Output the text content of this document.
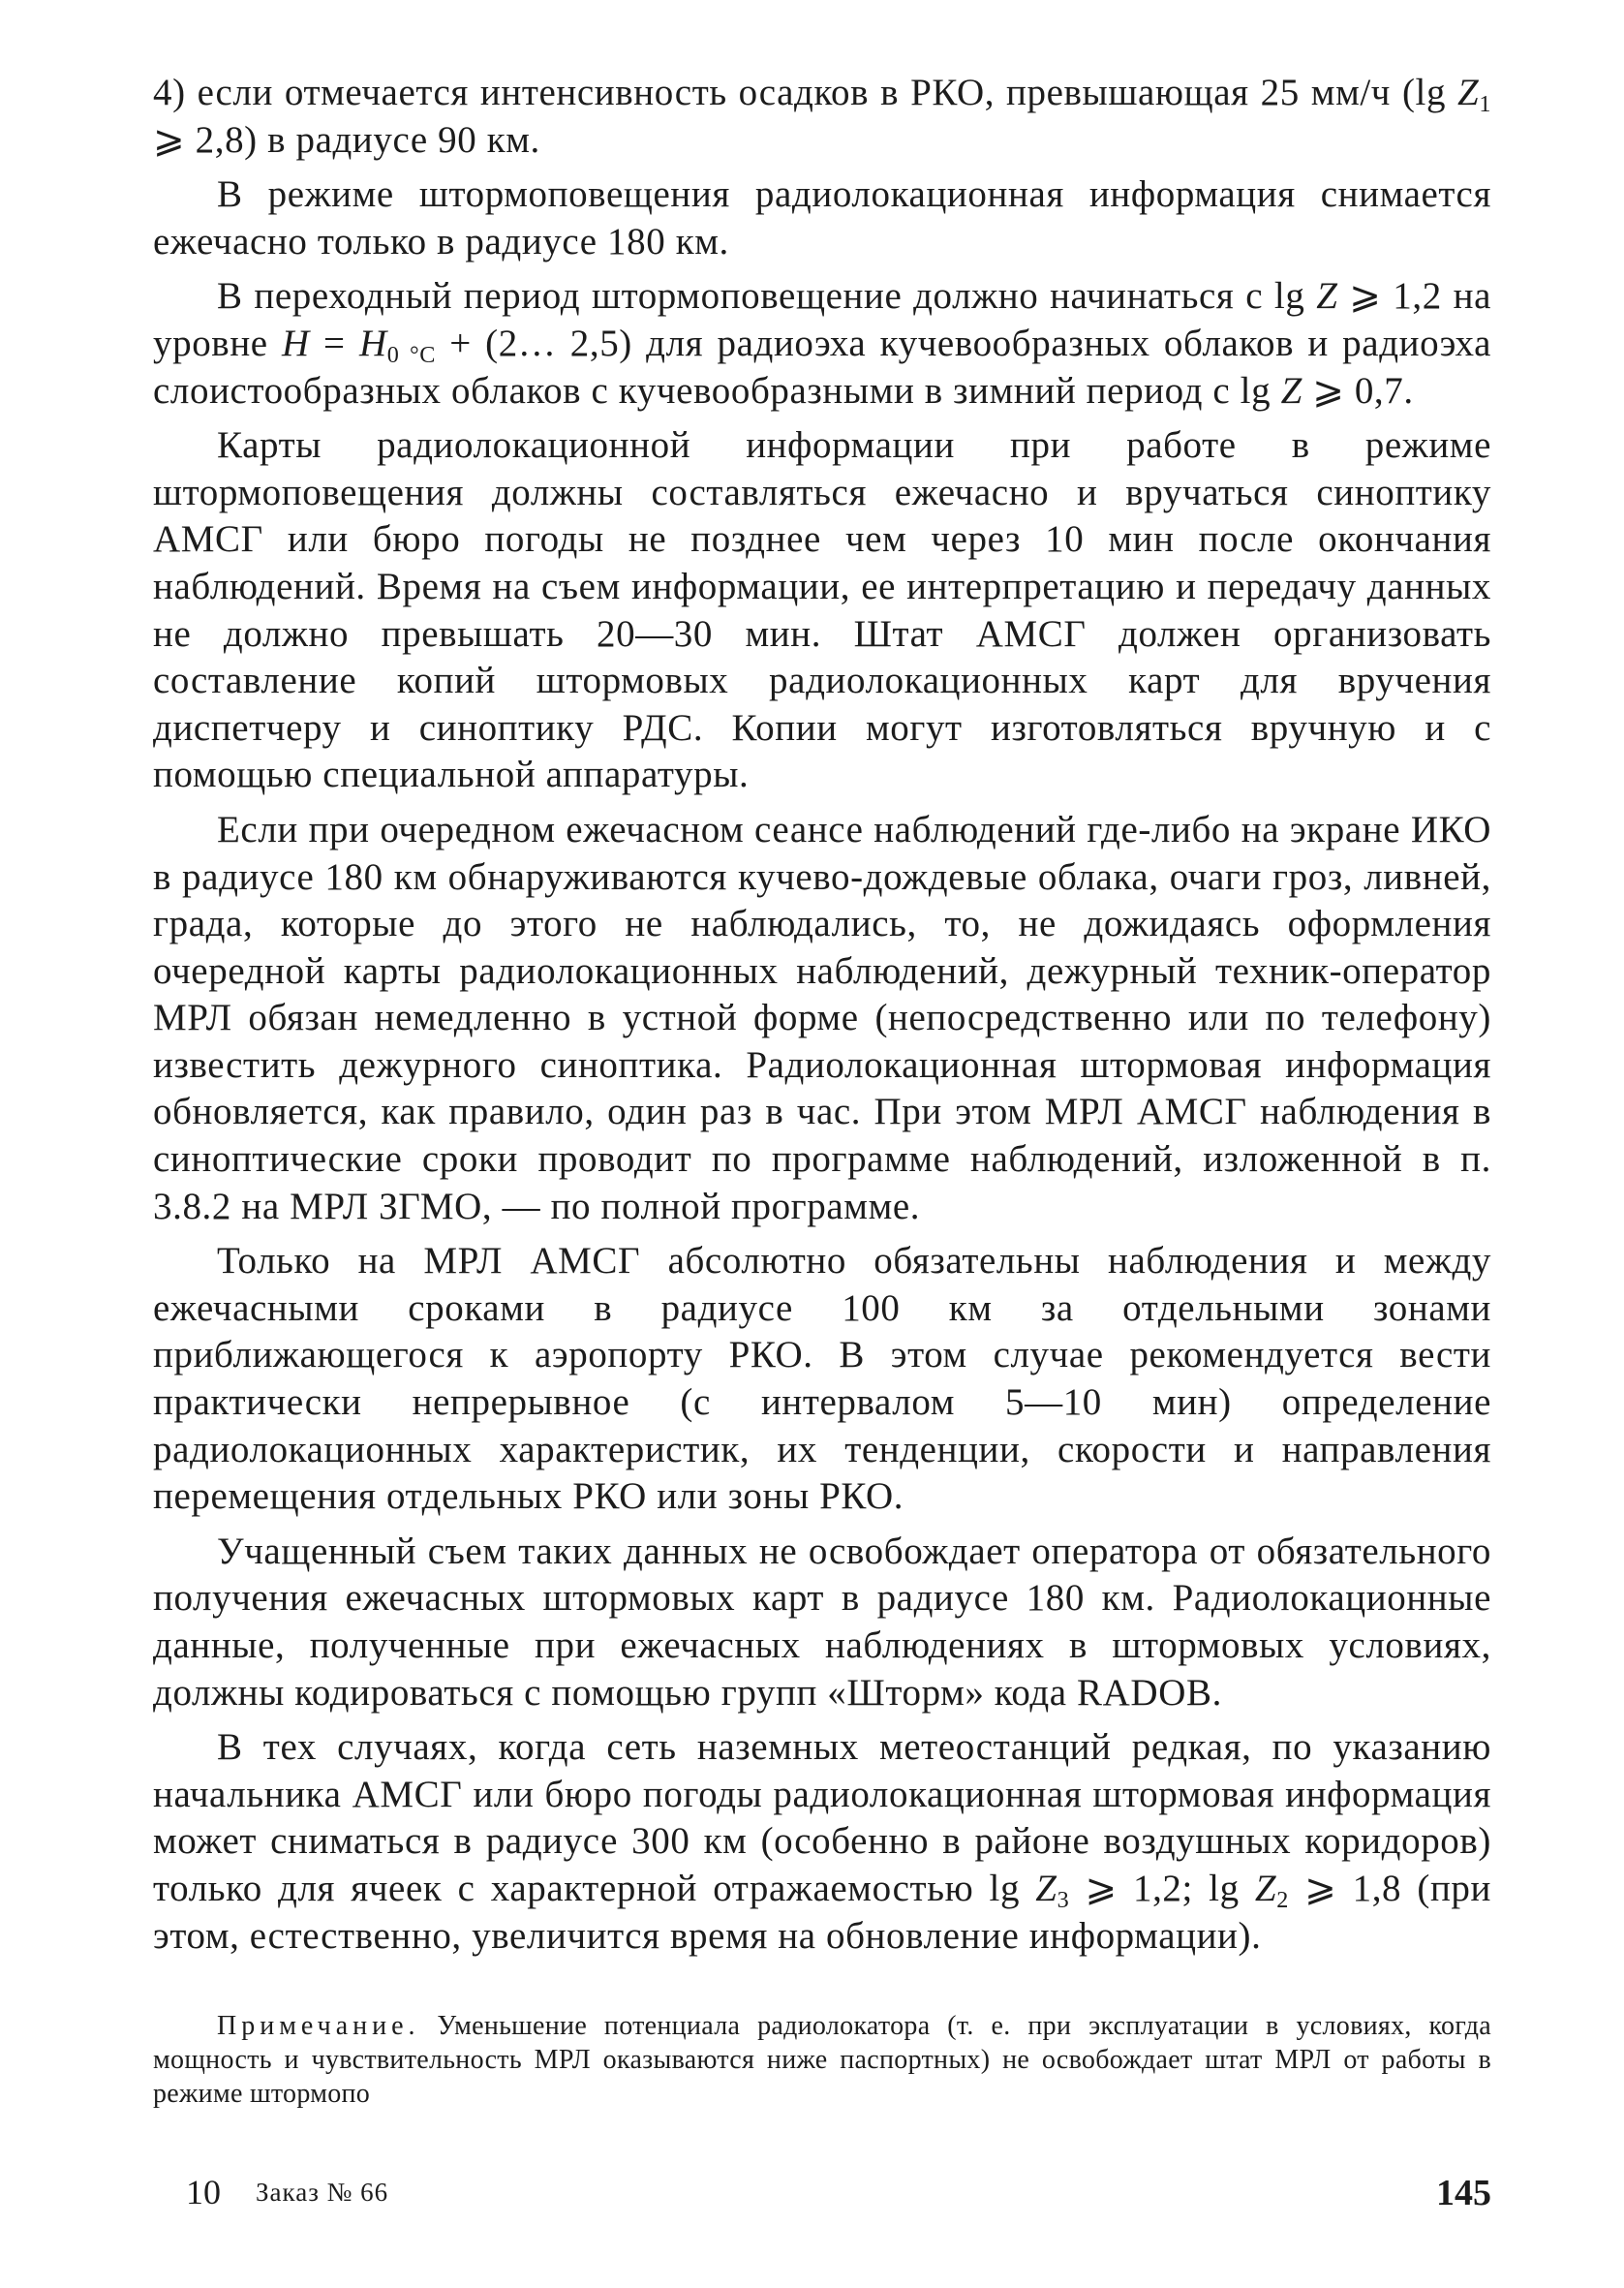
4) если отмечается интенсивность осадков в РКО, превышающая 25 мм/ч (lg $Z_1$ ⩾ 2,8) в радиусе 90 км.

В режиме штормоповещения радиолокационная информация снимается ежечасно только в радиусе 180 км.

В переходный период штормоповещение должно начинаться с lg Z ⩾ 1,2 на уровне $H = H_{0 ^\circ C}$ + (2… 2,5) для радиоэха кучевообразных облаков и радиоэха слоистообразных облаков с кучевообразными в зимний период с lg Z ⩾ 0,7.

Карты радиолокационной информации при работе в режиме штормоповещения должны составляться ежечасно и вручаться синоптику АМСГ или бюро погоды не позднее чем через 10 мин после окончания наблюдений. Время на съем информации, ее интерпретацию и передачу данных не должно превышать 20—30 мин. Штат АМСГ должен организовать составление копий штормовых радиолокационных карт для вручения диспетчеру и синоптику РДС. Копии могут изготовляться вручную и с помощью специальной аппаратуры.

Если при очередном ежечасном сеансе наблюдений где-либо на экране ИКО в радиусе 180 км обнаруживаются кучево-дождевые облака, очаги гроз, ливней, града, которые до этого не наблюдались, то, не дожидаясь оформления очередной карты радиолокационных наблюдений, дежурный техник-оператор МРЛ обязан немедленно в устной форме (непосредственно или по телефону) известить дежурного синоптика. Радиолокационная штормовая информация обновляется, как правило, один раз в час. При этом МРЛ АМСГ наблюдения в синоптические сроки проводит по программе наблюдений, изложенной в п. 3.8.2 на МРЛ ЗГМО, — по полной программе.

Только на МРЛ АМСГ абсолютно обязательны наблюдения и между ежечасными сроками в радиусе 100 км за отдельными зонами приближающегося к аэропорту РКО. В этом случае рекомендуется вести практически непрерывное (с интервалом 5—10 мин) определение радиолокационных характеристик, их тенденции, скорости и направления перемещения отдельных РКО или зоны РКО.

Учащенный съем таких данных не освобождает оператора от обязательного получения ежечасных штормовых карт в радиусе 180 км. Радиолокационные данные, полученные при ежечасных наблюдениях в штормовых условиях, должны кодироваться с помощью групп «Шторм» кода RADOB.

В тех случаях, когда сеть наземных метеостанций редкая, по указанию начальника АМСГ или бюро погоды радиолокационная штормовая информация может сниматься в радиусе 300 км (особенно в районе воздушных коридоров) только для ячеек с характерной отражаемостью $\lg Z_3$ ⩾ 1,2; $\lg Z_2$ ⩾ 1,8 (при этом, естественно, увеличится время на обновление информации).

Примечание. Уменьшение потенциала радиолокатора (т. е. при эксплуатации в условиях, когда мощность и чувствительность МРЛ оказываются ниже паспортных) не освобождает штат МРЛ от работы в режиме штормопо

10 Заказ № 66	145
